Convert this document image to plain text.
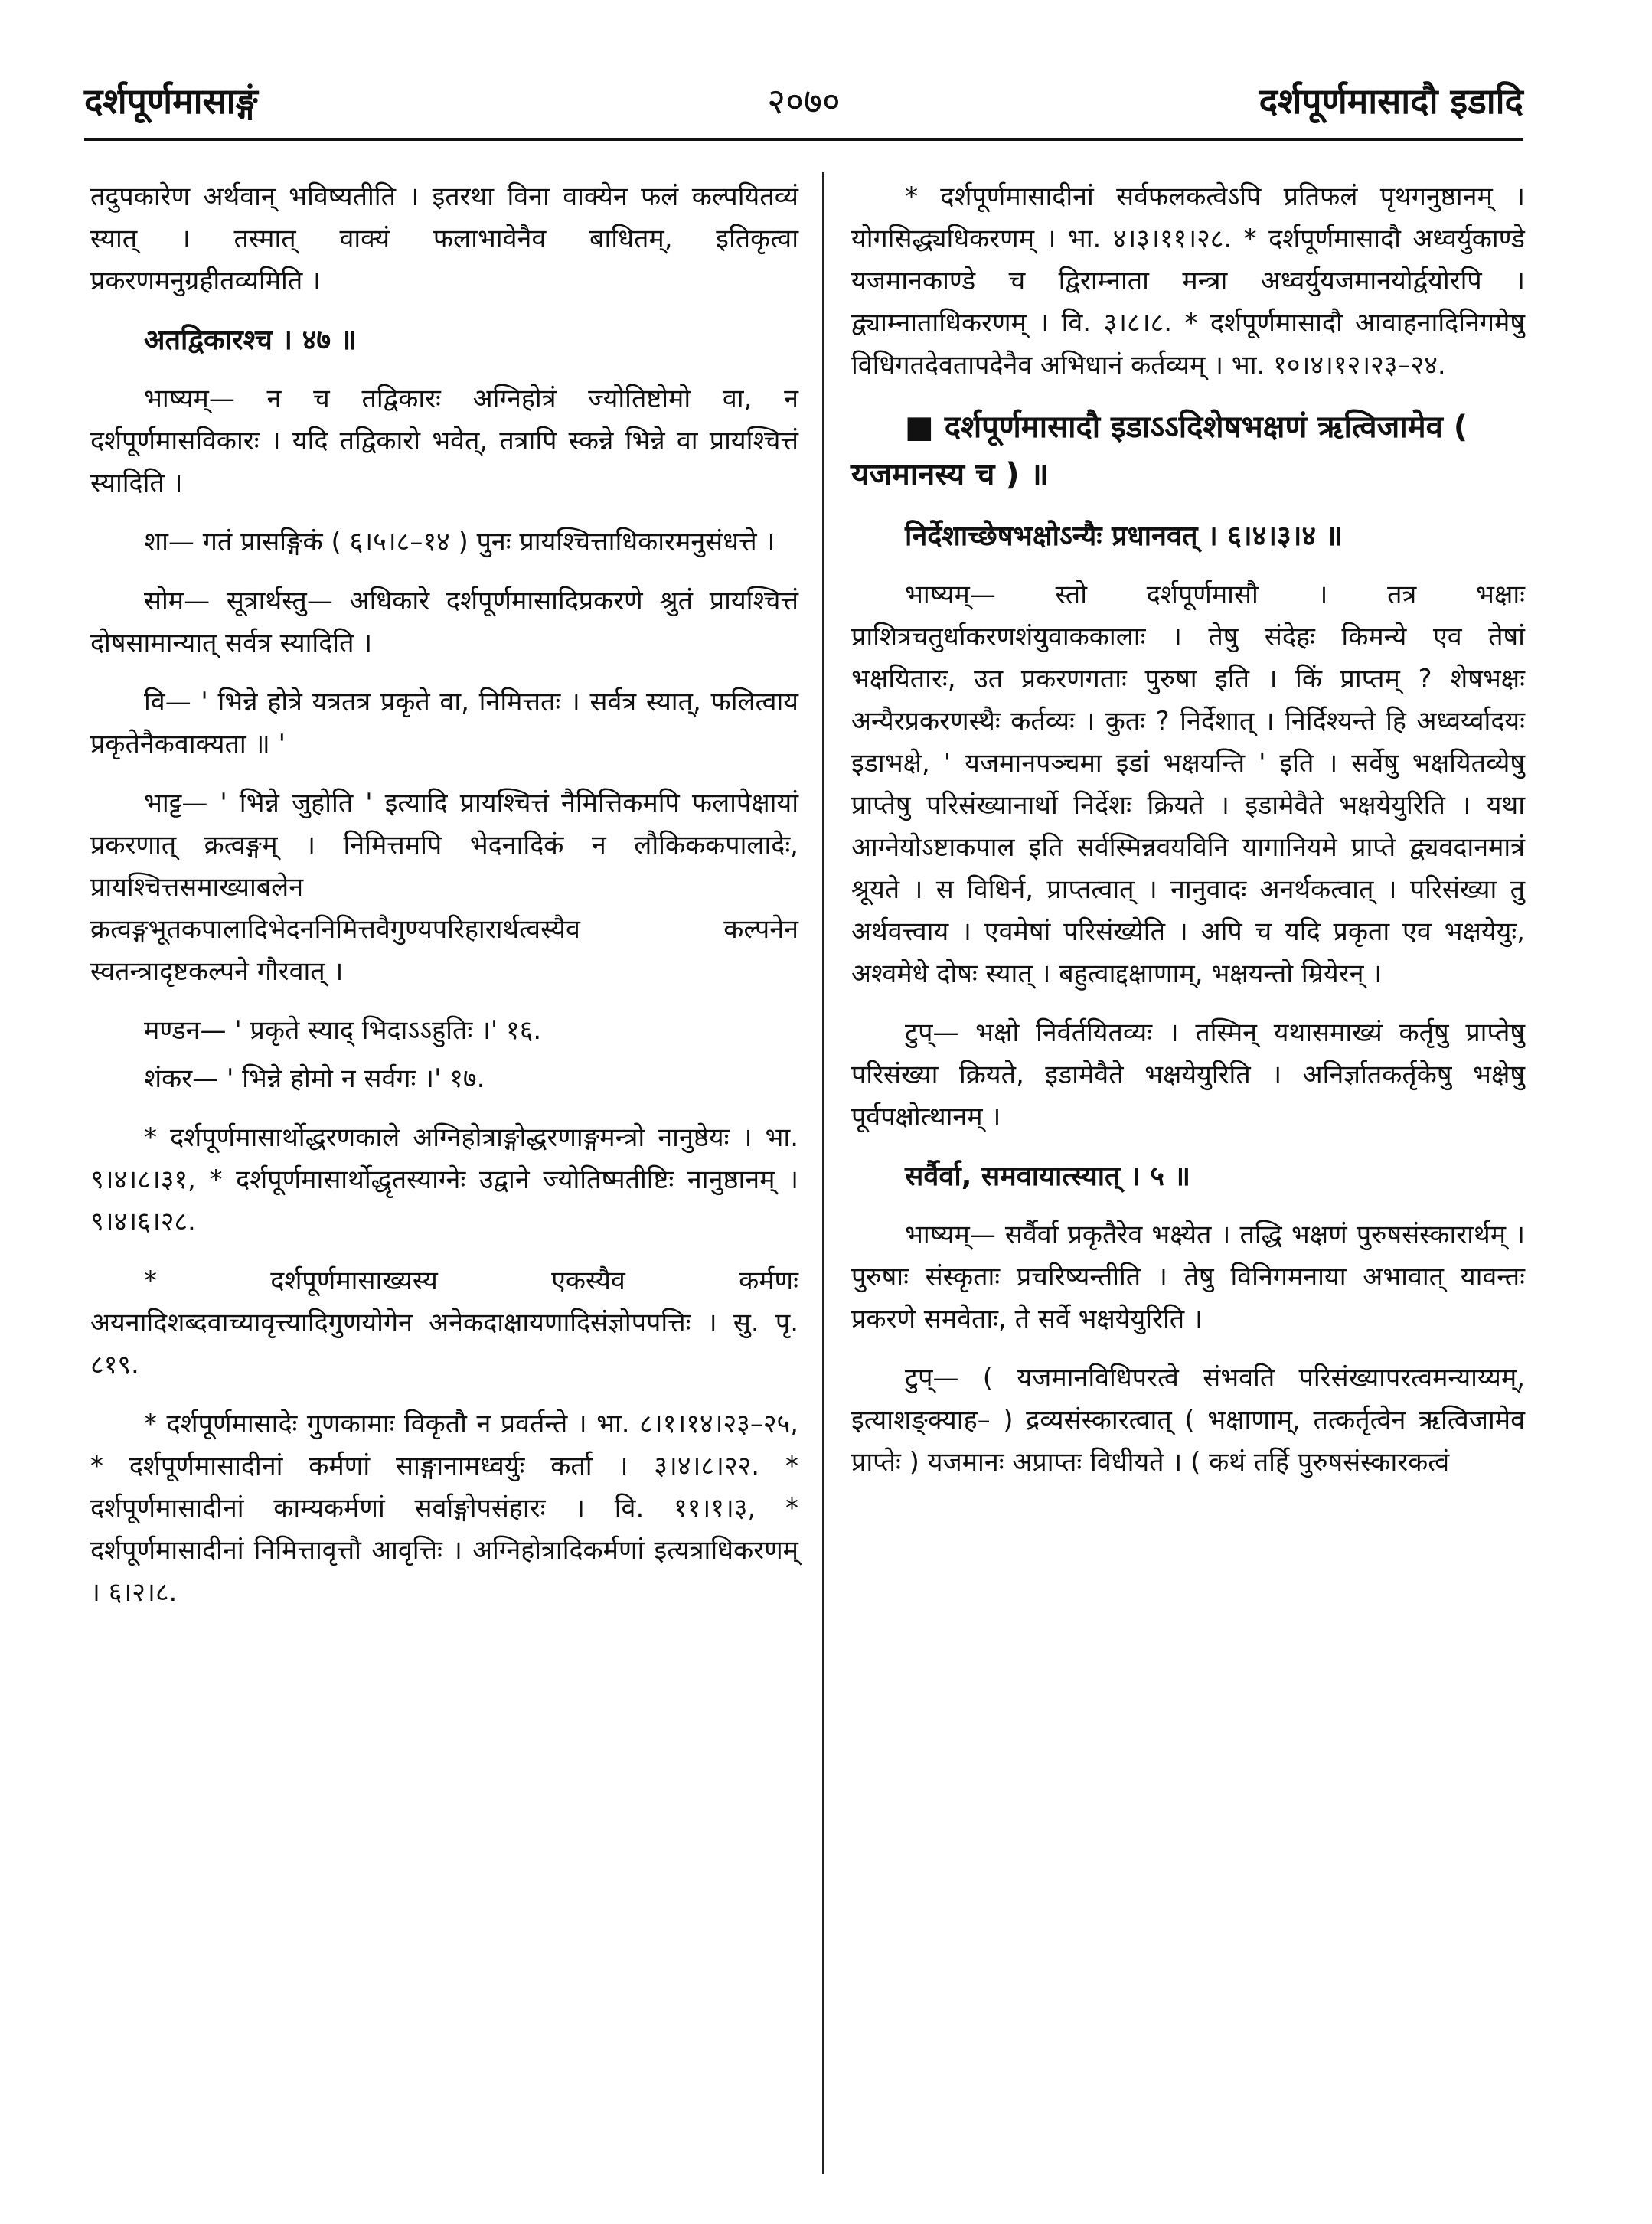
दर्शपूर्णमासाङ्गं	२०७०	दर्शपूर्णमासादौ इडादि

तदुपकारेण अर्थवान् भविष्यतीति । इतरथा विना वाक्येन फलं कल्पयितव्यं स्यात् । तस्मात् वाक्यं फलाभावेनैव बाधितम्, इतिकृत्वा प्रकरणमनुग्रहीतव्यमिति ।

अतद्विकारश्च । ४७ ॥

भाष्यम्— न च तद्विकारः अग्निहोत्रं ज्योतिष्टोमो वा, न दर्शपूर्णमासविकारः । यदि तद्विकारो भवेत्, तत्रापि स्कन्ने भिन्ने वा प्रायश्चित्तं स्यादिति ।

शा— गतं प्रासङ्गिकं ( ६।५।८–१४ ) पुनः प्रायश्चित्ताधिकारमनुसंधत्ते ।

सोम— सूत्रार्थस्तु— अधिकारे दर्शपूर्णमासादिप्रकरणे श्रुतं प्रायश्चित्तं दोषसामान्यात् सर्वत्र स्यादिति ।

वि— ' भिन्ने होत्रे यत्रतत्र प्रकृते वा, निमित्ततः । सर्वत्र स्यात्, फलित्वाय प्रकृतेनैकवाक्यता ॥ '

भाट्ट— ' भिन्ने जुहोति ' इत्यादि प्रायश्चित्तं नैमित्तिकमपि फलापेक्षायां प्रकरणात् क्रत्वङ्गम् । निमित्तमपि भेदनादिकं न लौकिककपालादेः, प्रायश्चित्तसमाख्याबलेन क्रत्वङ्गभूतकपालादिभेदननिमित्तवैगुण्यपरिहारार्थत्वस्यैव कल्पनेन स्वतन्त्रादृष्टकल्पने गौरवात् ।

मण्डन— ' प्रकृते स्याद् भिदाऽऽहुतिः ।' १६.

शंकर— ' भिन्ने होमो न सर्वगः ।' १७.

* दर्शपूर्णमासार्थोद्धरणकाले अग्निहोत्राङ्गोद्धरणाङ्गमन्त्रो नानुष्ठेयः । भा. ९।४।८।३१, * दर्शपूर्णमासार्थोद्धृतस्याग्नेः उद्वाने ज्योतिष्मतीष्टिः नानुष्ठानम् । ९।४।६।२८.

* दर्शपूर्णमासाख्यस्य एकस्यैव कर्मणः अयनादिशब्दवाच्यावृत्त्यादिगुणयोगेन अनेकदाक्षायणादिसंज्ञोपपत्तिः । सु. पृ. ८१९.

* दर्शपूर्णमासादेः गुणकामाः विकृतौ न प्रवर्तन्ते । भा. ८।१।१४।२३–२५, * दर्शपूर्णमासादीनां कर्मणां साङ्गानामध्वर्युः कर्ता । ३।४।८।२२. * दर्शपूर्णमासादीनां काम्यकर्मणां सर्वाङ्गोपसंहारः । वि. ११।१।३, * दर्शपूर्णमासादीनां निमित्तावृत्तौ आवृत्तिः । अग्निहोत्रादिकर्मणां इत्यत्राधिकरणम् । ६।२।८.

* दर्शपूर्णमासादीनां सर्वफलकत्वेऽपि प्रतिफलं पृथगनुष्ठानम् । योगसिद्ध्यधिकरणम् । भा. ४।३।११।२८. * दर्शपूर्णमासादौ अध्वर्युकाण्डे यजमानकाण्डे च द्विराम्नाता मन्त्रा अध्वर्युयजमानयोर्द्वयोरपि । द्व्याम्नाताधिकरणम् । वि. ३।८।८. * दर्शपूर्णमासादौ आवाहनादिनिगमेषु विधिगतदेवतापदेनैव अभिधानं कर्तव्यम् । भा. १०।४।१२।२३–२४.

■ दर्शपूर्णमासादौ इडाऽऽदिशेषभक्षणं ऋत्विजामेव ( यजमानस्य च ) ॥

निर्देशाच्छेषभक्षोऽन्यैः प्रधानवत् । ६।४।३।४ ॥

भाष्यम्— स्तो दर्शपूर्णमासौ । तत्र भक्षाः प्राशित्रचतुर्धाकरणशंयुवाककालाः । तेषु संदेहः किमन्ये एव तेषां भक्षयितारः, उत प्रकरणगताः पुरुषा इति । किं प्राप्तम् ? शेषभक्षः अन्यैरप्रकरणस्थैः कर्तव्यः । कुतः ? निर्देशात् । निर्दिश्यन्ते हि अध्वर्य्वादयः इडाभक्षे, ' यजमानपञ्चमा इडां भक्षयन्ति ' इति । सर्वेषु भक्षयितव्येषु प्राप्तेषु परिसंख्यानार्थो निर्देशः क्रियते । इडामेवैते भक्षयेयुरिति । यथा आग्नेयोऽष्टाकपाल इति सर्वस्मिन्नवयविनि यागानियमे प्राप्ते द्व्यवदानमात्रं श्रूयते । स विधिर्न, प्राप्तत्वात् । नानुवादः अनर्थकत्वात् । परिसंख्या तु अर्थवत्त्वाय । एवमेषां परिसंख्येति । अपि च यदि प्रकृता एव भक्षयेयुः, अश्वमेधे दोषः स्यात् । बहुत्वाद्दक्षाणाम्, भक्षयन्तो म्रियेरन् ।

टुप्— भक्षो निर्वर्तयितव्यः । तस्मिन् यथासमाख्यं कर्तृषु प्राप्तेषु परिसंख्या क्रियते, इडामेवैते भक्षयेयुरिति । अनिर्ज्ञातकर्तृकेषु भक्षेषु पूर्वपक्षोत्थानम् ।

सर्वैर्वा, समवायात्स्यात् । ५ ॥

भाष्यम्— सर्वैर्वा प्रकृतैरेव भक्ष्येत । तद्धि भक्षणं पुरुषसंस्कारार्थम् । पुरुषाः संस्कृताः प्रचरिष्यन्तीति । तेषु विनिगमनाया अभावात् यावन्तः प्रकरणे समवेताः, ते सर्वे भक्षयेयुरिति ।

टुप्— ( यजमानविधिपरत्वे संभवति परिसंख्यापरत्वमन्याय्यम्, इत्याशङ्क्याह– ) द्रव्यसंस्कारत्वात् ( भक्षाणाम्, तत्कर्तृत्वेन ऋत्विजामेव प्राप्तेः ) यजमानः अप्राप्तः विधीयते । ( कथं तर्हि पुरुषसंस्कारकत्वं
